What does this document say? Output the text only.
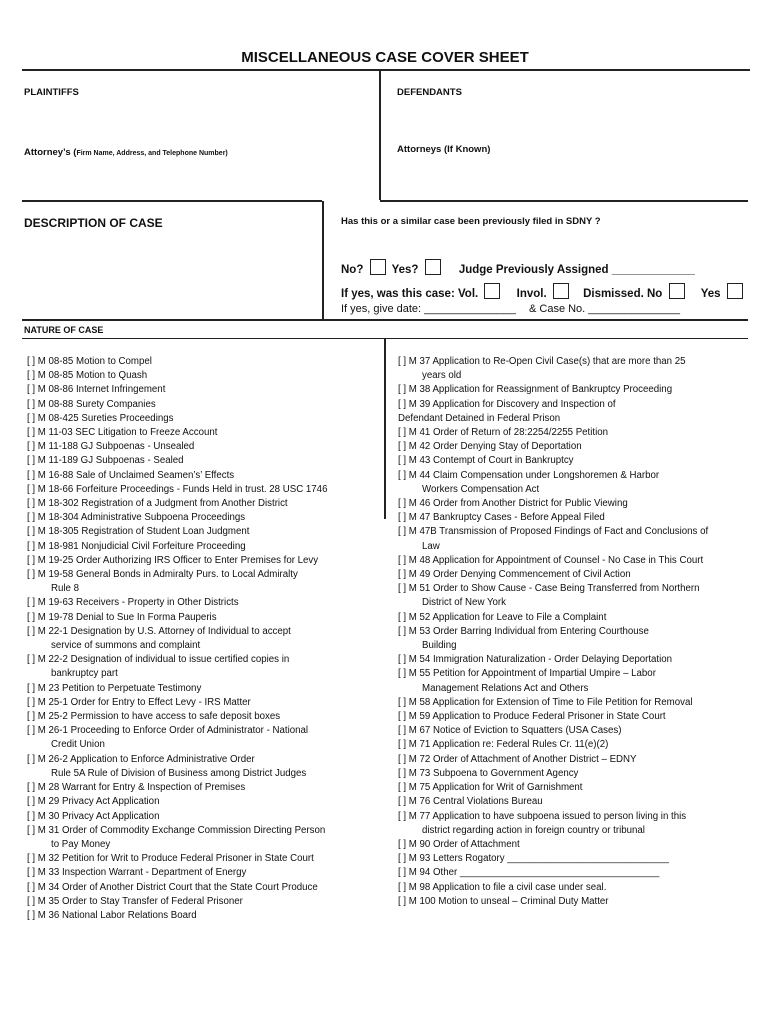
MISCELLANEOUS CASE COVER SHEET
PLAINTIFFS	DEFENDANTS
Attorney’s (Firm Name, Address, and Telephone Number)	Attorneys (If Known)
DESCRIPTION OF CASE	Has this or a similar case been previously filed in SDNY ?
No? Yes?	Judge Previously Assigned _____________
If yes, was this case: Vol.	Invol.	Dismissed. No	Yes
If yes, give date: _______________ & Case No. _______________
NATURE OF CASE
[ ] M 08-85 Motion to Compel
[ ] M 08-85 Motion to Quash
[ ] M 08-86 Internet Infringement
[ ] M 08-88 Surety Companies
[ ] M 08-425 Sureties Proceedings
[ ] M 11-03 SEC Litigation to Freeze Account
[ ] M 11-188 GJ Subpoenas - Unsealed
[ ] M 11-189 GJ Subpoenas - Sealed
[ ] M 16-88 Sale of Unclaimed Seamen’s’ Effects
[ ] M 18-66 Forfeiture Proceedings - Funds Held in trust. 28 USC 1746
[ ] M 18-302 Registration of a Judgment from Another District
[ ] M 18-304 Administrative Subpoena Proceedings
[ ] M 18-305 Registration of Student Loan Judgment
[ ] M 18-981 Nonjudicial Civil Forfeiture Proceeding
[ ] M 19-25 Order Authorizing IRS Officer to Enter Premises for Levy
[ ] M 19-58 General Bonds in Admiralty Purs. to Local Admiralty
Rule 8
[ ] M 19-63 Receivers - Property in Other Districts
[ ] M 19-78 Denial to Sue In Forma Pauperis
[ ] M 22-1 Designation by U.S. Attorney of Individual to accept
service of summons and complaint
[ ] M 22-2 Designation of individual to issue certified copies in
bankruptcy part
[ ] M 23 Petition to Perpetuate Testimony
[ ] M 25-1 Order for Entry to Effect Levy - IRS Matter
[ ] M 25-2 Permission to have access to safe deposit boxes
[ ] M 26-1 Proceeding to Enforce Order of Administrator - National
Credit Union
[ ] M 26-2 Application to Enforce Administrative Order
Rule 5A Rule of Division of Business among District Judges
[ ] M 28 Warrant for Entry & Inspection of Premises
[ ] M 29 Privacy Act Application
[ ] M 30 Privacy Act Application
[ ] M 31 Order of Commodity Exchange Commission Directing Person
to Pay Money
[ ] M 32 Petition for Writ to Produce Federal Prisoner in State Court
[ ] M 33 Inspection Warrant - Department of Energy
[ ] M 34 Order of Another District Court that the State Court Produce
[ ] M 35 Order to Stay Transfer of Federal Prisoner
[ ] M 36 National Labor Relations Board
[ ] M 37 Application to Re-Open Civil Case(s) that are more than 25
years old
[ ] M 38 Application for Reassignment of Bankruptcy Proceeding
[ ] M 39 Application for Discovery and Inspection of
Defendant Detained in Federal Prison
[ ] M 41 Order of Return of 28:2254/2255 Petition
[ ] M 42 Order Denying Stay of Deportation
[ ] M 43 Contempt of Court in Bankruptcy
[ ] M 44 Claim Compensation under Longshoremen & Harbor
Workers Compensation Act
[ ] M 46 Order from Another District for Public Viewing
[ ] M 47 Bankruptcy Cases - Before Appeal Filed
[ ] M 47B Transmission of Proposed Findings of Fact and Conclusions of
Law
[ ] M 48 Application for Appointment of Counsel - No Case in This Court
[ ] M 49 Order Denying Commencement of Civil Action
[ ] M 51 Order to Show Cause - Case Being Transferred from Northern
District of New York
[ ] M 52 Application for Leave to File a Complaint
[ ] M 53 Order Barring Individual from Entering Courthouse
Building
[ ] M 54 Immigration Naturalization - Order Delaying Deportation
[ ] M 55 Petition for Appointment of Impartial Umpire – Labor
Management Relations Act and Others
[ ] M 58 Application for Extension of Time to File Petition for Removal
[ ] M 59 Application to Produce Federal Prisoner in State Court
[ ] M 67 Notice of Eviction to Squatters (USA Cases)
[ ] M 71 Application re: Federal Rules Cr. 11(e)(2)
[ ] M 72 Order of Attachment of Another District – EDNY
[ ] M 73 Subpoena to Government Agency
[ ] M 75 Application for Writ of Garnishment
[ ] M 76 Central Violations Bureau
[ ] M 77 Application to have subpoena issued to person living in this
district regarding action in foreign country or tribunal
[ ] M 90 Order of Attachment
[ ] M 93 Letters Rogatory ______________________________
[ ] M 94 Other _____________________________________
[ ] M 98 Application to file a civil case under seal.
[ ] M 100 Motion to unseal – Criminal Duty Matter
